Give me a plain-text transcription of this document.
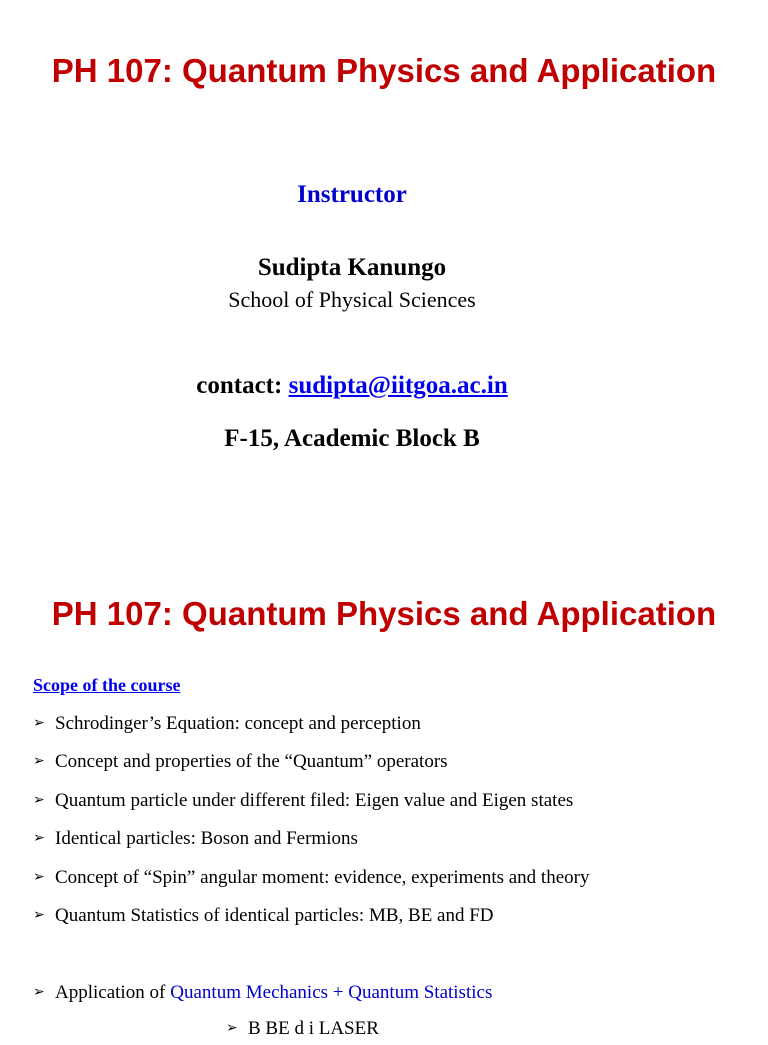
PH 107: Quantum Physics and Application
Instructor
Sudipta Kanungo
School of Physical Sciences
contact: sudipta@iitgoa.ac.in
F-15, Academic Block B
PH 107: Quantum Physics and Application
Scope of the course
➢ Schrodinger’s Equation: concept and perception
➢ Concept and properties of the “Quantum” operators
➢ Quantum particle under different filed: Eigen value and Eigen states
➢ Identical particles: Boson and Fermions
➢ Concept of “Spin” angular moment: evidence, experiments and theory
➢ Quantum Statistics of identical particles: MB, BE and FD
➢ Application of Quantum Mechanics + Quantum Statistics
➢ B BE d i LASER
